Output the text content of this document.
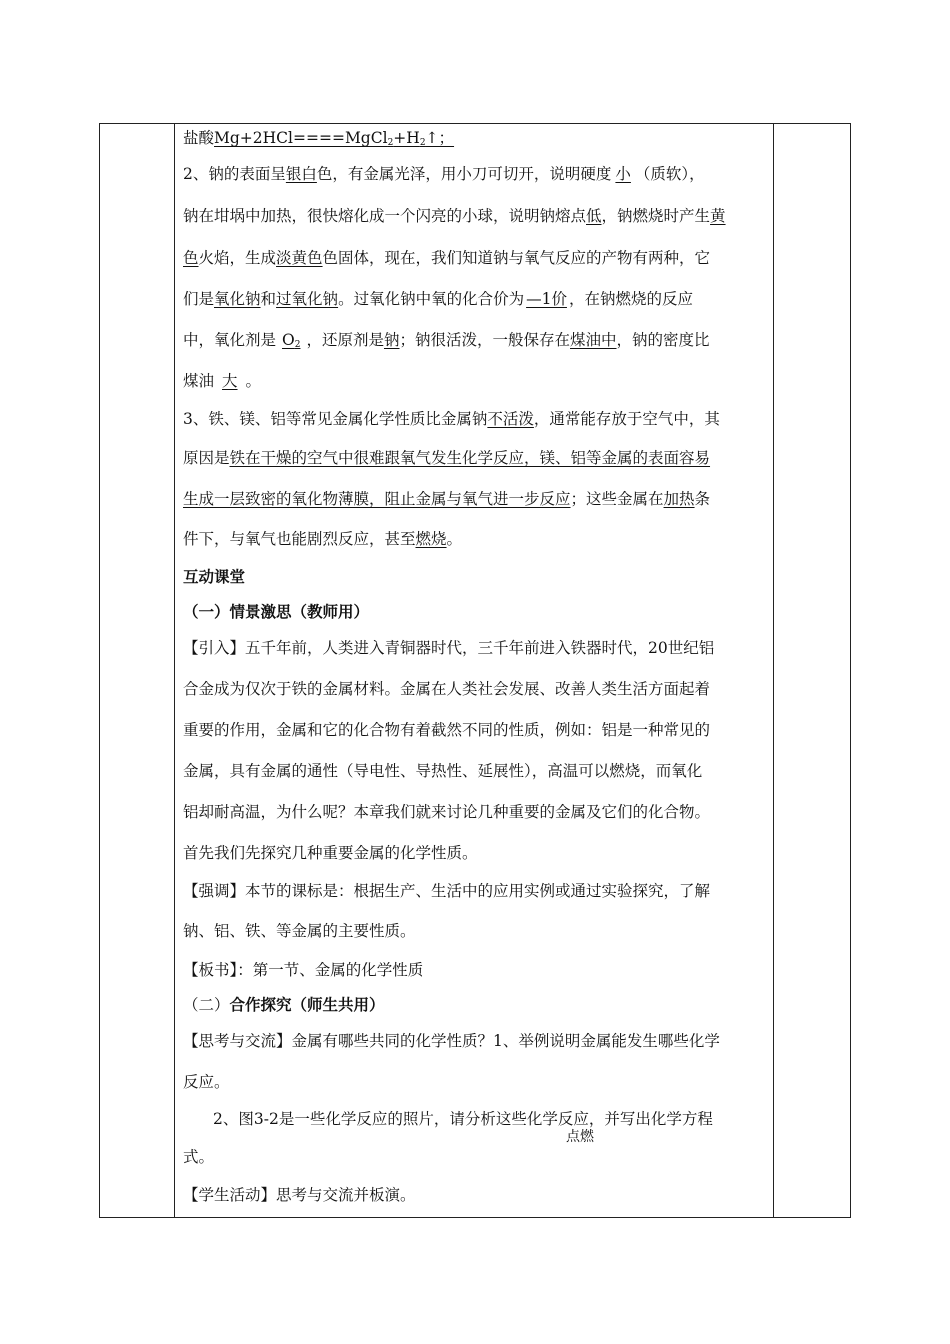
盐酸$Mg+2HCl====MgCl_2+H_2↑$；
2、钠的表面呈银白色，有金属光泽，用小刀可切开，说明硬度 小 （质软），
钠在坩埚中加热，很快熔化成一个闪亮的小球，说明钠熔点低，钠燃烧时产生黄
色火焰，生成淡黄色色固体，现在，我们知道钠与氧气反应的产物有两种，它
们是氧化钠和过氧化钠。过氧化钠中氧的化合价为 —1价 ，在钠燃烧的反应
中，氧化剂是 $O_2$ ，还原剂是钠；钠很活泼，一般保存在煤油中，钠的密度比
煤油 大 。
3、铁、镁、铝等常见金属化学性质比金属钠不活泼，通常能存放于空气中，其
原因是铁在干燥的空气中很难跟氧气发生化学反应，镁、铝等金属的表面容易
生成一层致密的氧化物薄膜，阻止金属与氧气进一步反应；这些金属在加热条
件下，与氧气也能剧烈反应，甚至燃烧。
互动课堂
（一）情景激思（教师用）
【引入】五千年前，人类进入青铜器时代，三千年前进入铁器时代，20世纪铝
合金成为仅次于铁的金属材料。金属在人类社会发展、改善人类生活方面起着
重要的作用，金属和它的化合物有着截然不同的性质，例如：铝是一种常见的
金属，具有金属的通性（导电性、导热性、延展性），高温可以燃烧，而氧化
铝却耐高温，为什么呢？本章我们就来讨论几种重要的金属及它们的化合物。
首先我们先探究几种重要金属的化学性质。
【强调】本节的课标是：根据生产、生活中的应用实例或通过实验探究，了解
钠、铝、铁、等金属的主要性质。
【板书】：第一节、金属的化学性质
（二）合作探究（师生共用）
【思考与交流】金属有哪些共同的化学性质？1、举例说明金属能发生哪些化学
反应。
2、图3-2是一些化学反应的照片，请分析这些化学反应，并写出化学方程
点燃
式。
【学生活动】思考与交流并板演。
